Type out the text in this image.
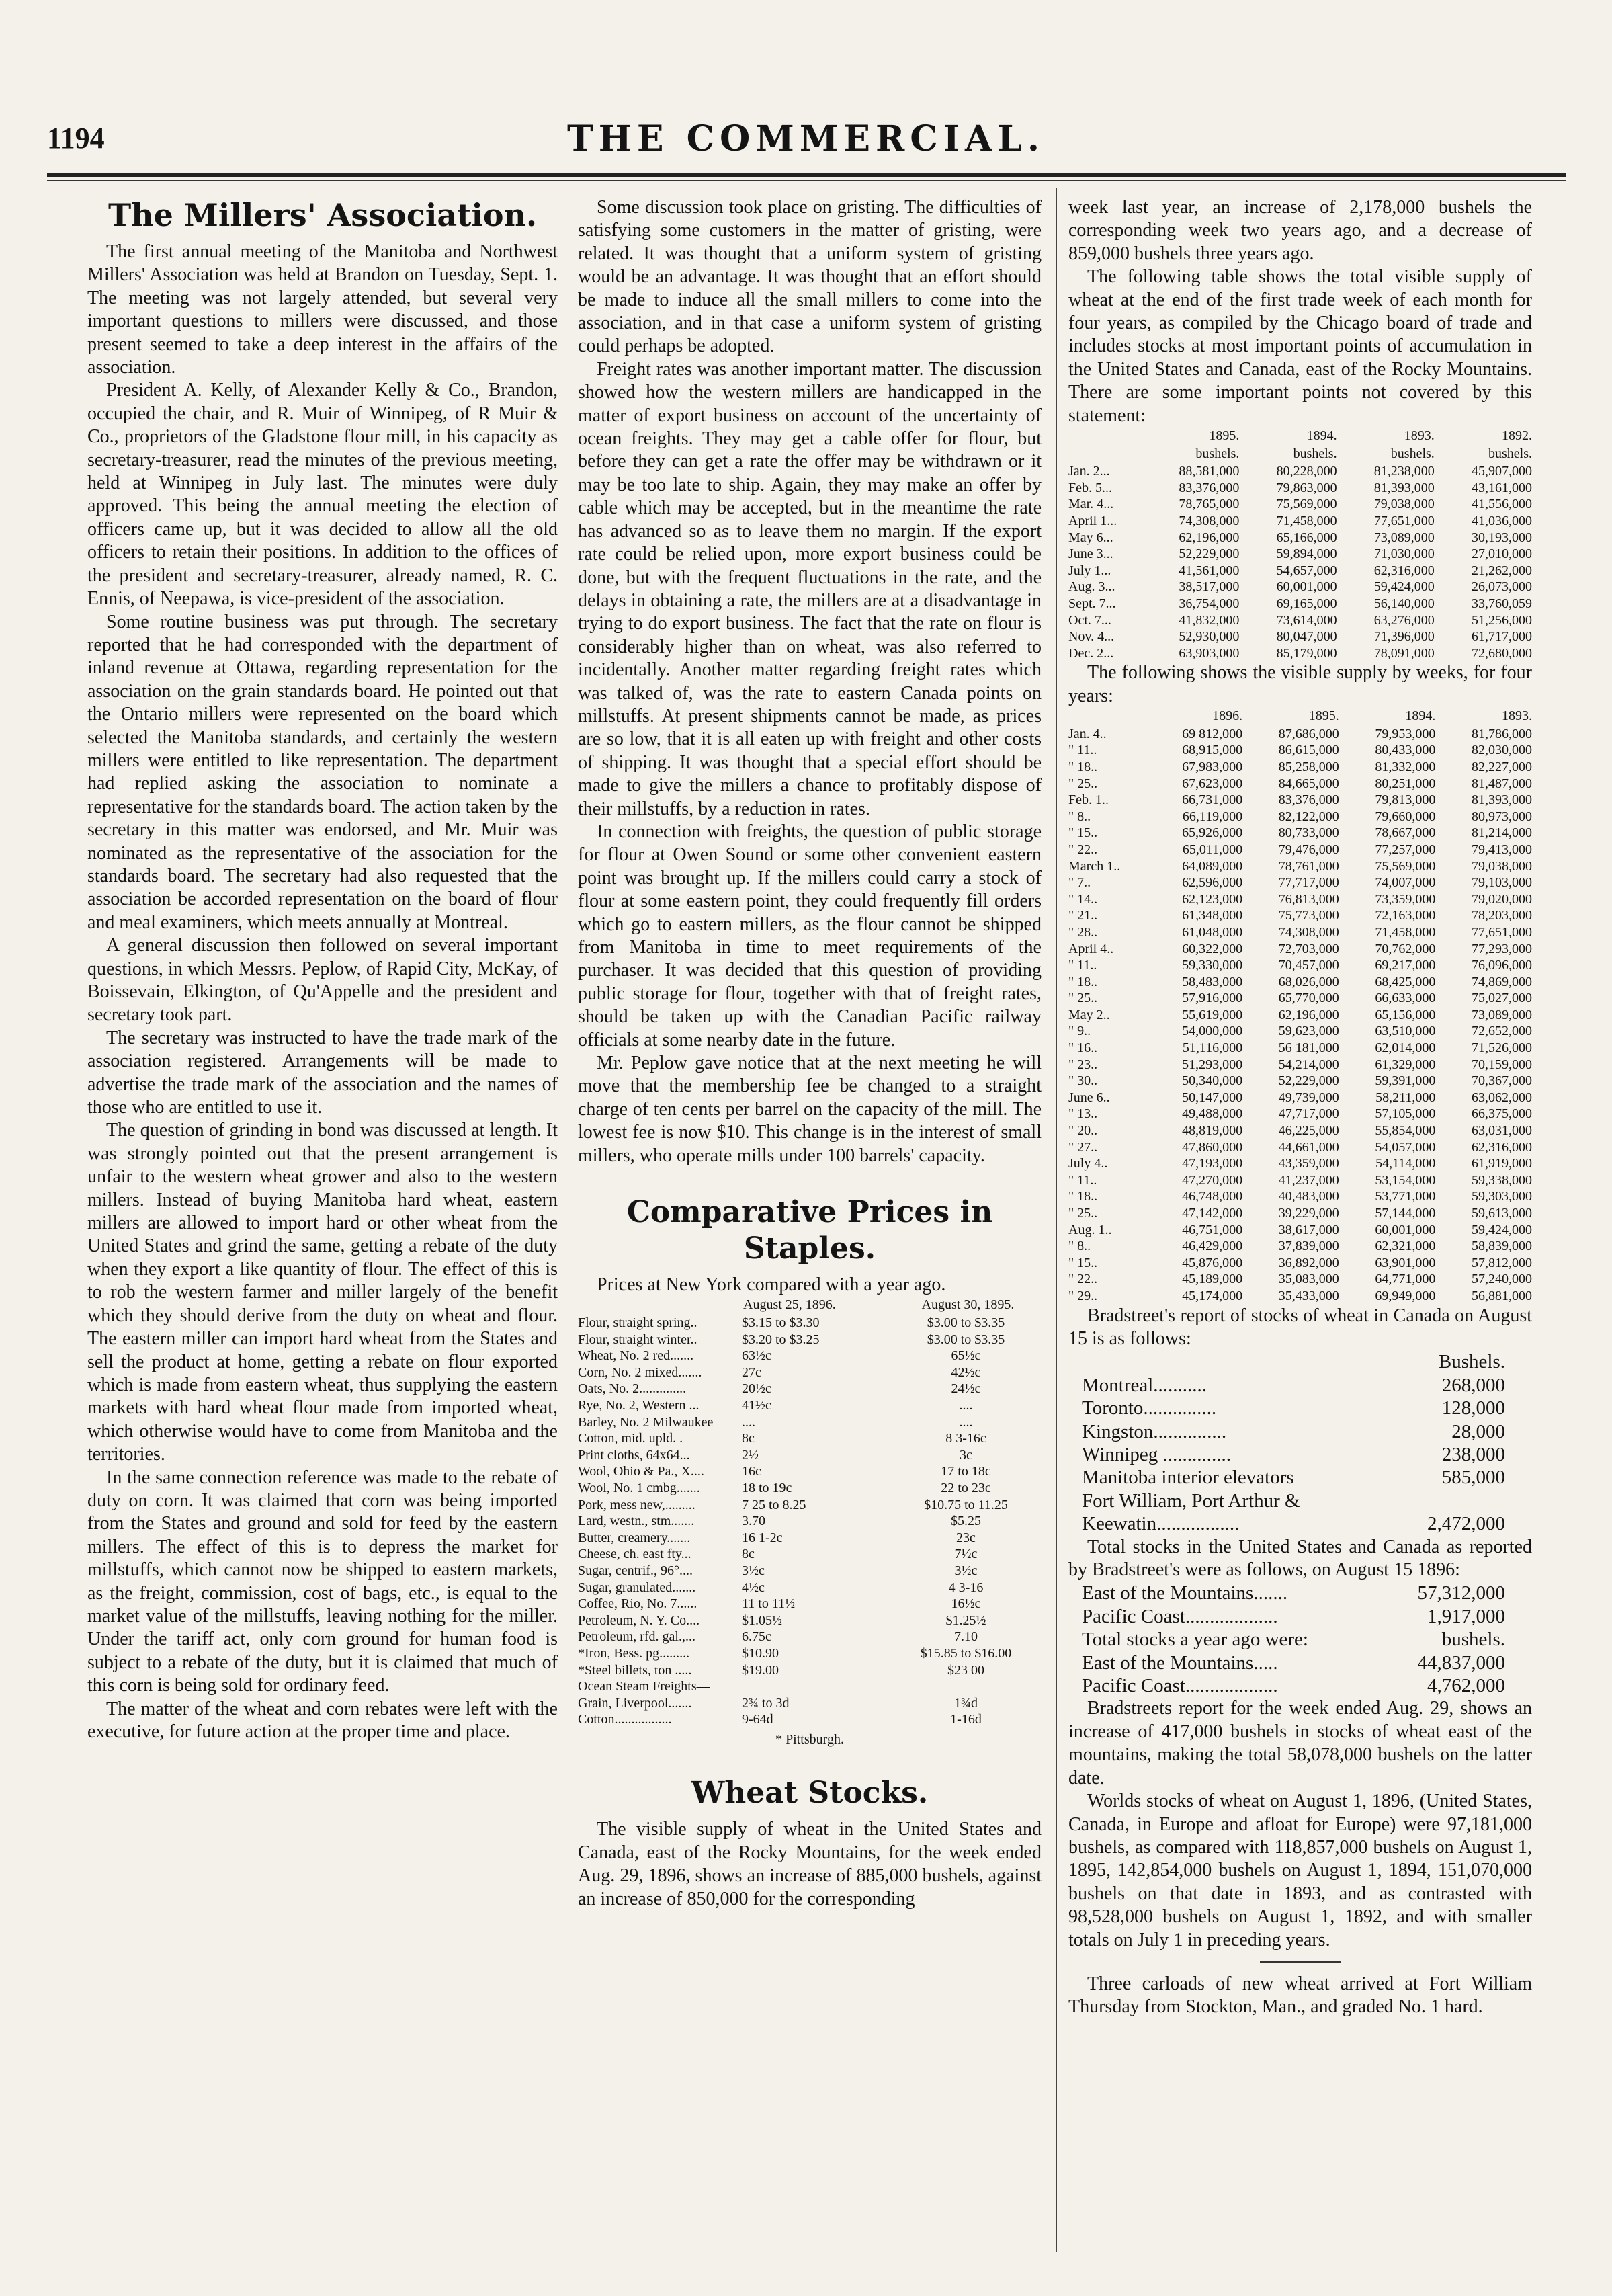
1194	THE COMMERCIAL.
The Millers' Association.

The first annual meeting of the Manitoba and Northwest Millers' Association was held at Brandon on Tuesday, Sept. 1. The meeting was not largely attended, but several very important questions to millers were discussed, and those present seemed to take a deep interest in the affairs of the association.

President A. Kelly, of Alexander Kelly & Co., Brandon, occupied the chair, and R. Muir of Winnipeg, of R Muir & Co., proprietors of the Gladstone flour mill, in his capacity as secretary-treasurer, read the minutes of the previous meeting, held at Winnipeg in July last. The minutes were duly approved. This being the annual meeting the election of officers came up, but it was decided to allow all the old officers to retain their positions. In addition to the offices of the president and secretary-treasurer, already named, R. C. Ennis, of Neepawa, is vice-president of the association.

Some routine business was put through. The secretary reported that he had corresponded with the department of inland revenue at Ottawa, regarding representation for the association on the grain standards board. He pointed out that the Ontario millers were represented on the board which selected the Manitoba standards, and certainly the western millers were entitled to like representation. The department had replied asking the association to nominate a representative for the standards board. The action taken by the secretary in this matter was endorsed, and Mr. Muir was nominated as the representative of the association for the standards board. The secretary had also requested that the association be accorded representation on the board of flour and meal examiners, which meets annually at Montreal.

A general discussion then followed on several important questions, in which Messrs. Peplow, of Rapid City, McKay, of Boissevain, Elkington, of Qu'Appelle and the president and secretary took part.

The secretary was instructed to have the trade mark of the association registered. Arrangements will be made to advertise the trade mark of the association and the names of those who are entitled to use it.

The question of grinding in bond was discussed at length. It was strongly pointed out that the present arrangement is unfair to the western wheat grower and also to the western millers. Instead of buying Manitoba hard wheat, eastern millers are allowed to import hard or other wheat from the United States and grind the same, getting a rebate of the duty when they export a like quantity of flour. The effect of this is to rob the western farmer and miller largely of the benefit which they should derive from the duty on wheat and flour. The eastern miller can import hard wheat from the States and sell the product at home, getting a rebate on flour exported which is made from eastern wheat, thus supplying the eastern markets with hard wheat flour made from imported wheat, which otherwise would have to come from Manitoba and the territories.

In the same connection reference was made to the rebate of duty on corn. It was claimed that corn was being imported from the States and ground and sold for feed by the eastern millers. The effect of this is to depress the market for millstuffs, which cannot now be shipped to eastern markets, as the freight, commission, cost of bags, etc., is equal to the market value of the millstuffs, leaving nothing for the miller. Under the tariff act, only corn ground for human food is subject to a rebate of the duty, but it is claimed that much of this corn is being sold for ordinary feed.

The matter of the wheat and corn rebates were left with the executive, for future action at the proper time and place.

Some discussion took place on gristing. The difficulties of satisfying some customers in the matter of gristing, were related. It was thought that a uniform system of gristing would be an advantage. It was thought that an effort should be made to induce all the small millers to come into the association, and in that case a uniform system of gristing could perhaps be adopted.

Freight rates was another important matter. The discussion showed how the western millers are handicapped in the matter of export business on account of the uncertainty of ocean freights. They may get a cable offer for flour, but before they can get a rate the offer may be withdrawn or it may be too late to ship. Again, they may make an offer by cable which may be accepted, but in the meantime the rate has advanced so as to leave them no margin. If the export rate could be relied upon, more export business could be done, but with the frequent fluctuations in the rate, and the delays in obtaining a rate, the millers are at a disadvantage in trying to do export business. The fact that the rate on flour is considerably higher than on wheat, was also referred to incidentally. Another matter regarding freight rates which was talked of, was the rate to eastern Canada points on millstuffs. At present shipments cannot be made, as prices are so low, that it is all eaten up with freight and other costs of shipping. It was thought that a special effort should be made to give the millers a chance to profitably dispose of their millstuffs, by a reduction in rates.

In connection with freights, the question of public storage for flour at Owen Sound or some other convenient eastern point was brought up. If the millers could carry a stock of flour at some eastern point, they could frequently fill orders which go to eastern millers, as the flour cannot be shipped from Manitoba in time to meet requirements of the purchaser. It was decided that this question of providing public storage for flour, together with that of freight rates, should be taken up with the Canadian Pacific railway officials at some nearby date in the future.

Mr. Peplow gave notice that at the next meeting he will move that the membership fee be changed to a straight charge of ten cents per barrel on the capacity of the mill. The lowest fee is now $10. This change is in the interest of small millers, who operate mills under 100 barrels' capacity.

Comparative Prices in Staples.

Prices at New York compared with a year ago.

	August 25, 1896.	August 30, 1895.
Flour, straight spring..	$3.15 to $3.30	$3.00 to $3.35
Flour, straight winter..	$3.20 to $3.25	$3.00 to $3.35
Wheat, No. 2 red.......	63½c	65½c
Corn, No. 2 mixed.......	27c	42½c
Oats, No. 2..............	20½c	24½c
Rye, No. 2, Western ...	41½c	....
Barley, No. 2 Milwaukee	....	....
Cotton, mid. upld. .	8c	8 3-16c
Print cloths, 64x64...	2½	3c
Wool, Ohio & Pa., X....	16c	17 to 18c
Wool, No. 1 cmbg.......	18 to 19c	22 to 23c
Pork, mess new,.........	7 25 to 8.25	$10.75 to 11.25
Lard, westn., stm.......	3.70	$5.25
Butter, creamery.......	16 1-2c	23c
Cheese, ch. east fty...	8c	7½c
Sugar, centrif., 96°....	3½c	3½c
Sugar, granulated.......	4½c	4 3-16
Coffee, Rio, No. 7......	11 to 11½	16½c
Petroleum, N. Y. Co....	$1.05½	$1.25½
Petroleum, rfd. gal.,...	6.75c	7.10
*Iron, Bess. pg.........	$10.90	$15.85 to $16.00
*Steel billets, ton .....	$19.00	$23 00
Ocean Steam Freights—		
Grain, Liverpool.......	2¾ to 3d	1¾d
Cotton.................	9-64d	1-16d
* Pittsburgh.
Wheat Stocks.

The visible supply of wheat in the United States and Canada, east of the Rocky Mountains, for the week ended Aug. 29, 1896, shows an increase of 885,000 bushels, against an increase of 850,000 for the corresponding

week last year, an increase of 2,178,000 bushels the corresponding week two years ago, and a decrease of 859,000 bushels three years ago.

The following table shows the total visible supply of wheat at the end of the first trade week of each month for four years, as compiled by the Chicago board of trade and includes stocks at most important points of accumulation in the United States and Canada, east of the Rocky Mountains. There are some important points not covered by this statement:

	1895.	1894.	1893.	1892.
	bushels.	bushels.	bushels.	bushels.
Jan. 2...	88,581,000	80,228,000	81,238,000	45,907,000
Feb. 5...	83,376,000	79,863,000	81,393,000	43,161,000
Mar. 4...	78,765,000	75,569,000	79,038,000	41,556,000
April 1...	74,308,000	71,458,000	77,651,000	41,036,000
May 6...	62,196,000	65,166,000	73,089,000	30,193,000
June 3...	52,229,000	59,894,000	71,030,000	27,010,000
July 1...	41,561,000	54,657,000	62,316,000	21,262,000
Aug. 3...	38,517,000	60,001,000	59,424,000	26,073,000
Sept. 7...	36,754,000	69,165,000	56,140,000	33,760,059
Oct. 7...	41,832,000	73,614,000	63,276,000	51,256,000
Nov. 4...	52,930,000	80,047,000	71,396,000	61,717,000
Dec. 2...	63,903,000	85,179,000	78,091,000	72,680,000

The following shows the visible supply by weeks, for four years:

	1896.	1895.	1894.	1893.
Jan. 4..	69 812,000	87,686,000	79,953,000	81,786,000
" 11..	68,915,000	86,615,000	80,433,000	82,030,000
" 18..	67,983,000	85,258,000	81,332,000	82,227,000
" 25..	67,623,000	84,665,000	80,251,000	81,487,000
Feb. 1..	66,731,000	83,376,000	79,813,000	81,393,000
" 8..	66,119,000	82,122,000	79,660,000	80,973,000
" 15..	65,926,000	80,733,000	78,667,000	81,214,000
" 22..	65,011,000	79,476,000	77,257,000	79,413,000
March 1..	64,089,000	78,761,000	75,569,000	79,038,000
" 7..	62,596,000	77,717,000	74,007,000	79,103,000
" 14..	62,123,000	76,813,000	73,359,000	79,020,000
" 21..	61,348,000	75,773,000	72,163,000	78,203,000
" 28..	61,048,000	74,308,000	71,458,000	77,651,000
April 4..	60,322,000	72,703,000	70,762,000	77,293,000
" 11..	59,330,000	70,457,000	69,217,000	76,096,000
" 18..	58,483,000	68,026,000	68,425,000	74,869,000
" 25..	57,916,000	65,770,000	66,633,000	75,027,000
May 2..	55,619,000	62,196,000	65,156,000	73,089,000
" 9..	54,000,000	59,623,000	63,510,000	72,652,000
" 16..	51,116,000	56 181,000	62,014,000	71,526,000
" 23..	51,293,000	54,214,000	61,329,000	70,159,000
" 30..	50,340,000	52,229,000	59,391,000	70,367,000
June 6..	50,147,000	49,739,000	58,211,000	63,062,000
" 13..	49,488,000	47,717,000	57,105,000	66,375,000
" 20..	48,819,000	46,225,000	55,854,000	63,031,000
" 27..	47,860,000	44,661,000	54,057,000	62,316,000
July 4..	47,193,000	43,359,000	54,114,000	61,919,000
" 11..	47,270,000	41,237,000	53,154,000	59,338,000
" 18..	46,748,000	40,483,000	53,771,000	59,303,000
" 25..	47,142,000	39,229,000	57,144,000	59,613,000
Aug. 1..	46,751,000	38,617,000	60,001,000	59,424,000
" 8..	46,429,000	37,839,000	62,321,000	58,839,000
" 15..	45,876,000	36,892,000	63,901,000	57,812,000
" 22..	45,189,000	35,083,000	64,771,000	57,240,000
" 29..	45,174,000	35,433,000	69,949,000	56,881,000

Bradstreet's report of stocks of wheat in Canada on August 15 is as follows:

	Bushels.
Montreal...........	268,000
Toronto...............	128,000
Kingston...............	28,000
Winnipeg ..............	238,000
Manitoba interior elevators	585,000
Fort William, Port Arthur &	
Keewatin.................	2,472,000

Total stocks in the United States and Canada as reported by Bradstreet's were as follows, on August 15 1896:

East of the Mountains.......	57,312,000
Pacific Coast...................	1,917,000
Total stocks a year ago were:	bushels.
East of the Mountains.....	44,837,000
Pacific Coast...................	4,762,000

Bradstreets report for the week ended Aug. 29, shows an increase of 417,000 bushels in stocks of wheat east of the mountains, making the total 58,078,000 bushels on the latter date.

Worlds stocks of wheat on August 1, 1896, (United States, Canada, in Europe and afloat for Europe) were 97,181,000 bushels, as compared with 118,857,000 bushels on August 1, 1895, 142,854,000 bushels on August 1, 1894, 151,070,000 bushels on that date in 1893, and as contrasted with 98,528,000 bushels on August 1, 1892, and with smaller totals on July 1 in preceding years.

Three carloads of new wheat arrived at Fort William Thursday from Stockton, Man., and graded No. 1 hard.
